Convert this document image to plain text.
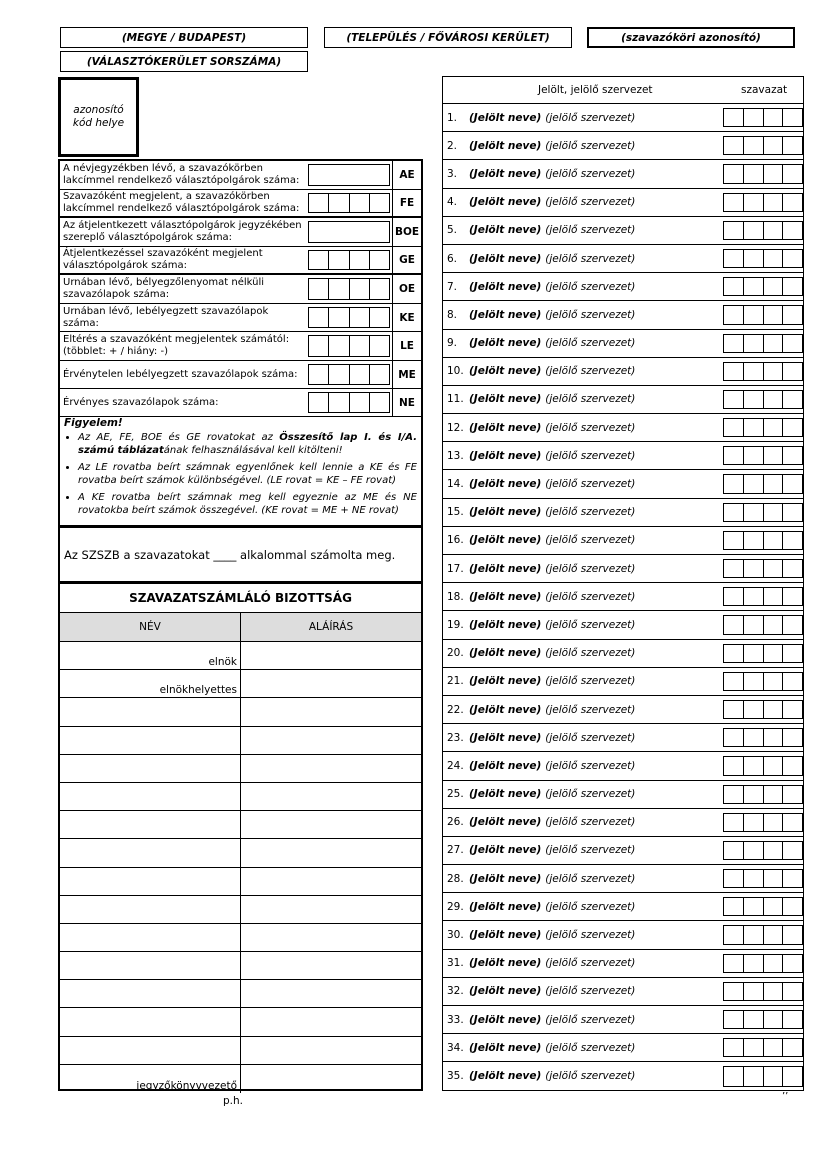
(MEGYE / BUDAPEST)	(TELEPÜLÉS / FŐVÁROSI KERÜLET)	(szavazóköri azonosító)
(VÁLASZTÓKERÜLET SORSZÁMA)
azonosító
kód helye
A névjegyzékben lévő, a szavazókörben lakcímmel rendelkező választópolgárok száma:	AE
Szavazóként megjelent, a szavazókörben lakcímmel rendelkező választópolgárok száma:	FE
Az átjelentkezett választópolgárok jegyzékében szereplő választópolgárok száma:	BOE
Átjelentkezéssel szavazóként megjelent választópolgárok száma:	GE
Urnában lévő, bélyegzőlenyomat nélküli szavazólapok száma:	OE
Urnában lévő, lebélyegzett szavazólapok száma:	KE
Eltérés a szavazóként megjelentek számától: (többlet: + / hiány: -)	LE
Érvénytelen lebélyegzett szavazólapok száma:	ME
Érvényes szavazólapok száma:	NE
Figyelem!
• Az AE, FE, BOE és GE rovatokat az Összesítő lap I. és I/A. számú táblázatának felhasználásával kell kitölteni!
• Az LE rovatba beírt számnak egyenlőnek kell lennie a KE és FE rovatba beírt számok különbségével. (LE rovat = KE – FE rovat)
• A KE rovatba beírt számnak meg kell egyeznie az ME és NE rovatokba beírt számok összegével. (KE rovat = ME + NE rovat)
Az SZSZB a szavazatokat ____ alkalommal számolta meg.
SZAVAZATSZÁMLÁLÓ BIZOTTSÁG
NÉV	ALÁÍRÁS
elnök
elnökhelyettes
jegyzőkönyvvezető
Jelölt, jelölő szervezet	szavazat
1.	(Jelölt neve) (jelölő szervezet)
2.	(Jelölt neve) (jelölő szervezet)
3.	(Jelölt neve) (jelölő szervezet)
4.	(Jelölt neve) (jelölő szervezet)
5.	(Jelölt neve) (jelölő szervezet)
6.	(Jelölt neve) (jelölő szervezet)
7.	(Jelölt neve) (jelölő szervezet)
8.	(Jelölt neve) (jelölő szervezet)
9.	(Jelölt neve) (jelölő szervezet)
10. (Jelölt neve) (jelölő szervezet)
11. (Jelölt neve) (jelölő szervezet)
12. (Jelölt neve) (jelölő szervezet)
13. (Jelölt neve) (jelölő szervezet)
14. (Jelölt neve) (jelölő szervezet)
15. (Jelölt neve) (jelölő szervezet)
16. (Jelölt neve) (jelölő szervezet)
17. (Jelölt neve) (jelölő szervezet)
18. (Jelölt neve) (jelölő szervezet)
19. (Jelölt neve) (jelölő szervezet)
20. (Jelölt neve) (jelölő szervezet)
21. (Jelölt neve) (jelölő szervezet)
22. (Jelölt neve) (jelölő szervezet)
23. (Jelölt neve) (jelölő szervezet)
24. (Jelölt neve) (jelölő szervezet)
25. (Jelölt neve) (jelölő szervezet)
26. (Jelölt neve) (jelölő szervezet)
27. (Jelölt neve) (jelölő szervezet)
28. (Jelölt neve) (jelölő szervezet)
29. (Jelölt neve) (jelölő szervezet)
30. (Jelölt neve) (jelölő szervezet)
31. (Jelölt neve) (jelölő szervezet)
32. (Jelölt neve) (jelölő szervezet)
33. (Jelölt neve) (jelölő szervezet)
34. (Jelölt neve) (jelölő szervezet)
35. (Jelölt neve) (jelölő szervezet)
p.h.	’’
